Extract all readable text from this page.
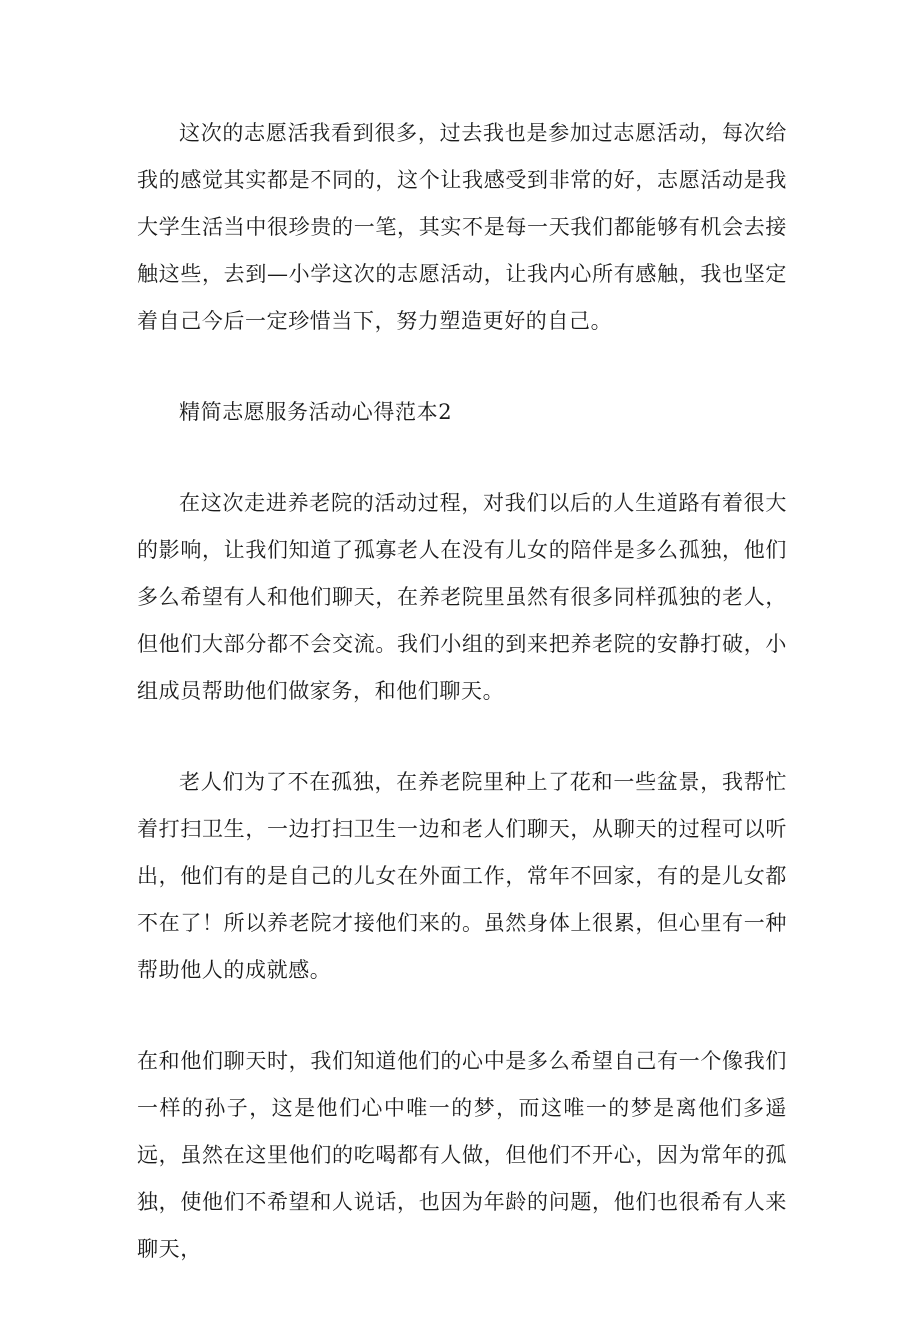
这次的志愿活我看到很多，过去我也是参加过志愿活动，每次给我的感觉其实都是不同的，这个让我感受到非常的好，志愿活动是我大学生活当中很珍贵的一笔，其实不是每一天我们都能够有机会去接触这些，去到—小学这次的志愿活动，让我内心所有感触，我也坚定着自己今后一定珍惜当下，努力塑造更好的自己。

精简志愿服务活动心得范本2

在这次走进养老院的活动过程，对我们以后的人生道路有着很大的影响，让我们知道了孤寡老人在没有儿女的陪伴是多么孤独，他们多么希望有人和他们聊天，在养老院里虽然有很多同样孤独的老人，但他们大部分都不会交流。我们小组的到来把养老院的安静打破，小组成员帮助他们做家务，和他们聊天。

老人们为了不在孤独，在养老院里种上了花和一些盆景，我帮忙着打扫卫生，一边打扫卫生一边和老人们聊天，从聊天的过程可以听出，他们有的是自己的儿女在外面工作，常年不回家，有的是儿女都不在了！所以养老院才接他们来的。虽然身体上很累，但心里有一种帮助他人的成就感。

在和他们聊天时，我们知道他们的心中是多么希望自己有一个像我们一样的孙子，这是他们心中唯一的梦，而这唯一的梦是离他们多遥远，虽然在这里他们的吃喝都有人做，但他们不开心，因为常年的孤独，使他们不希望和人说话，也因为年龄的问题，他们也很希有人来聊天，
